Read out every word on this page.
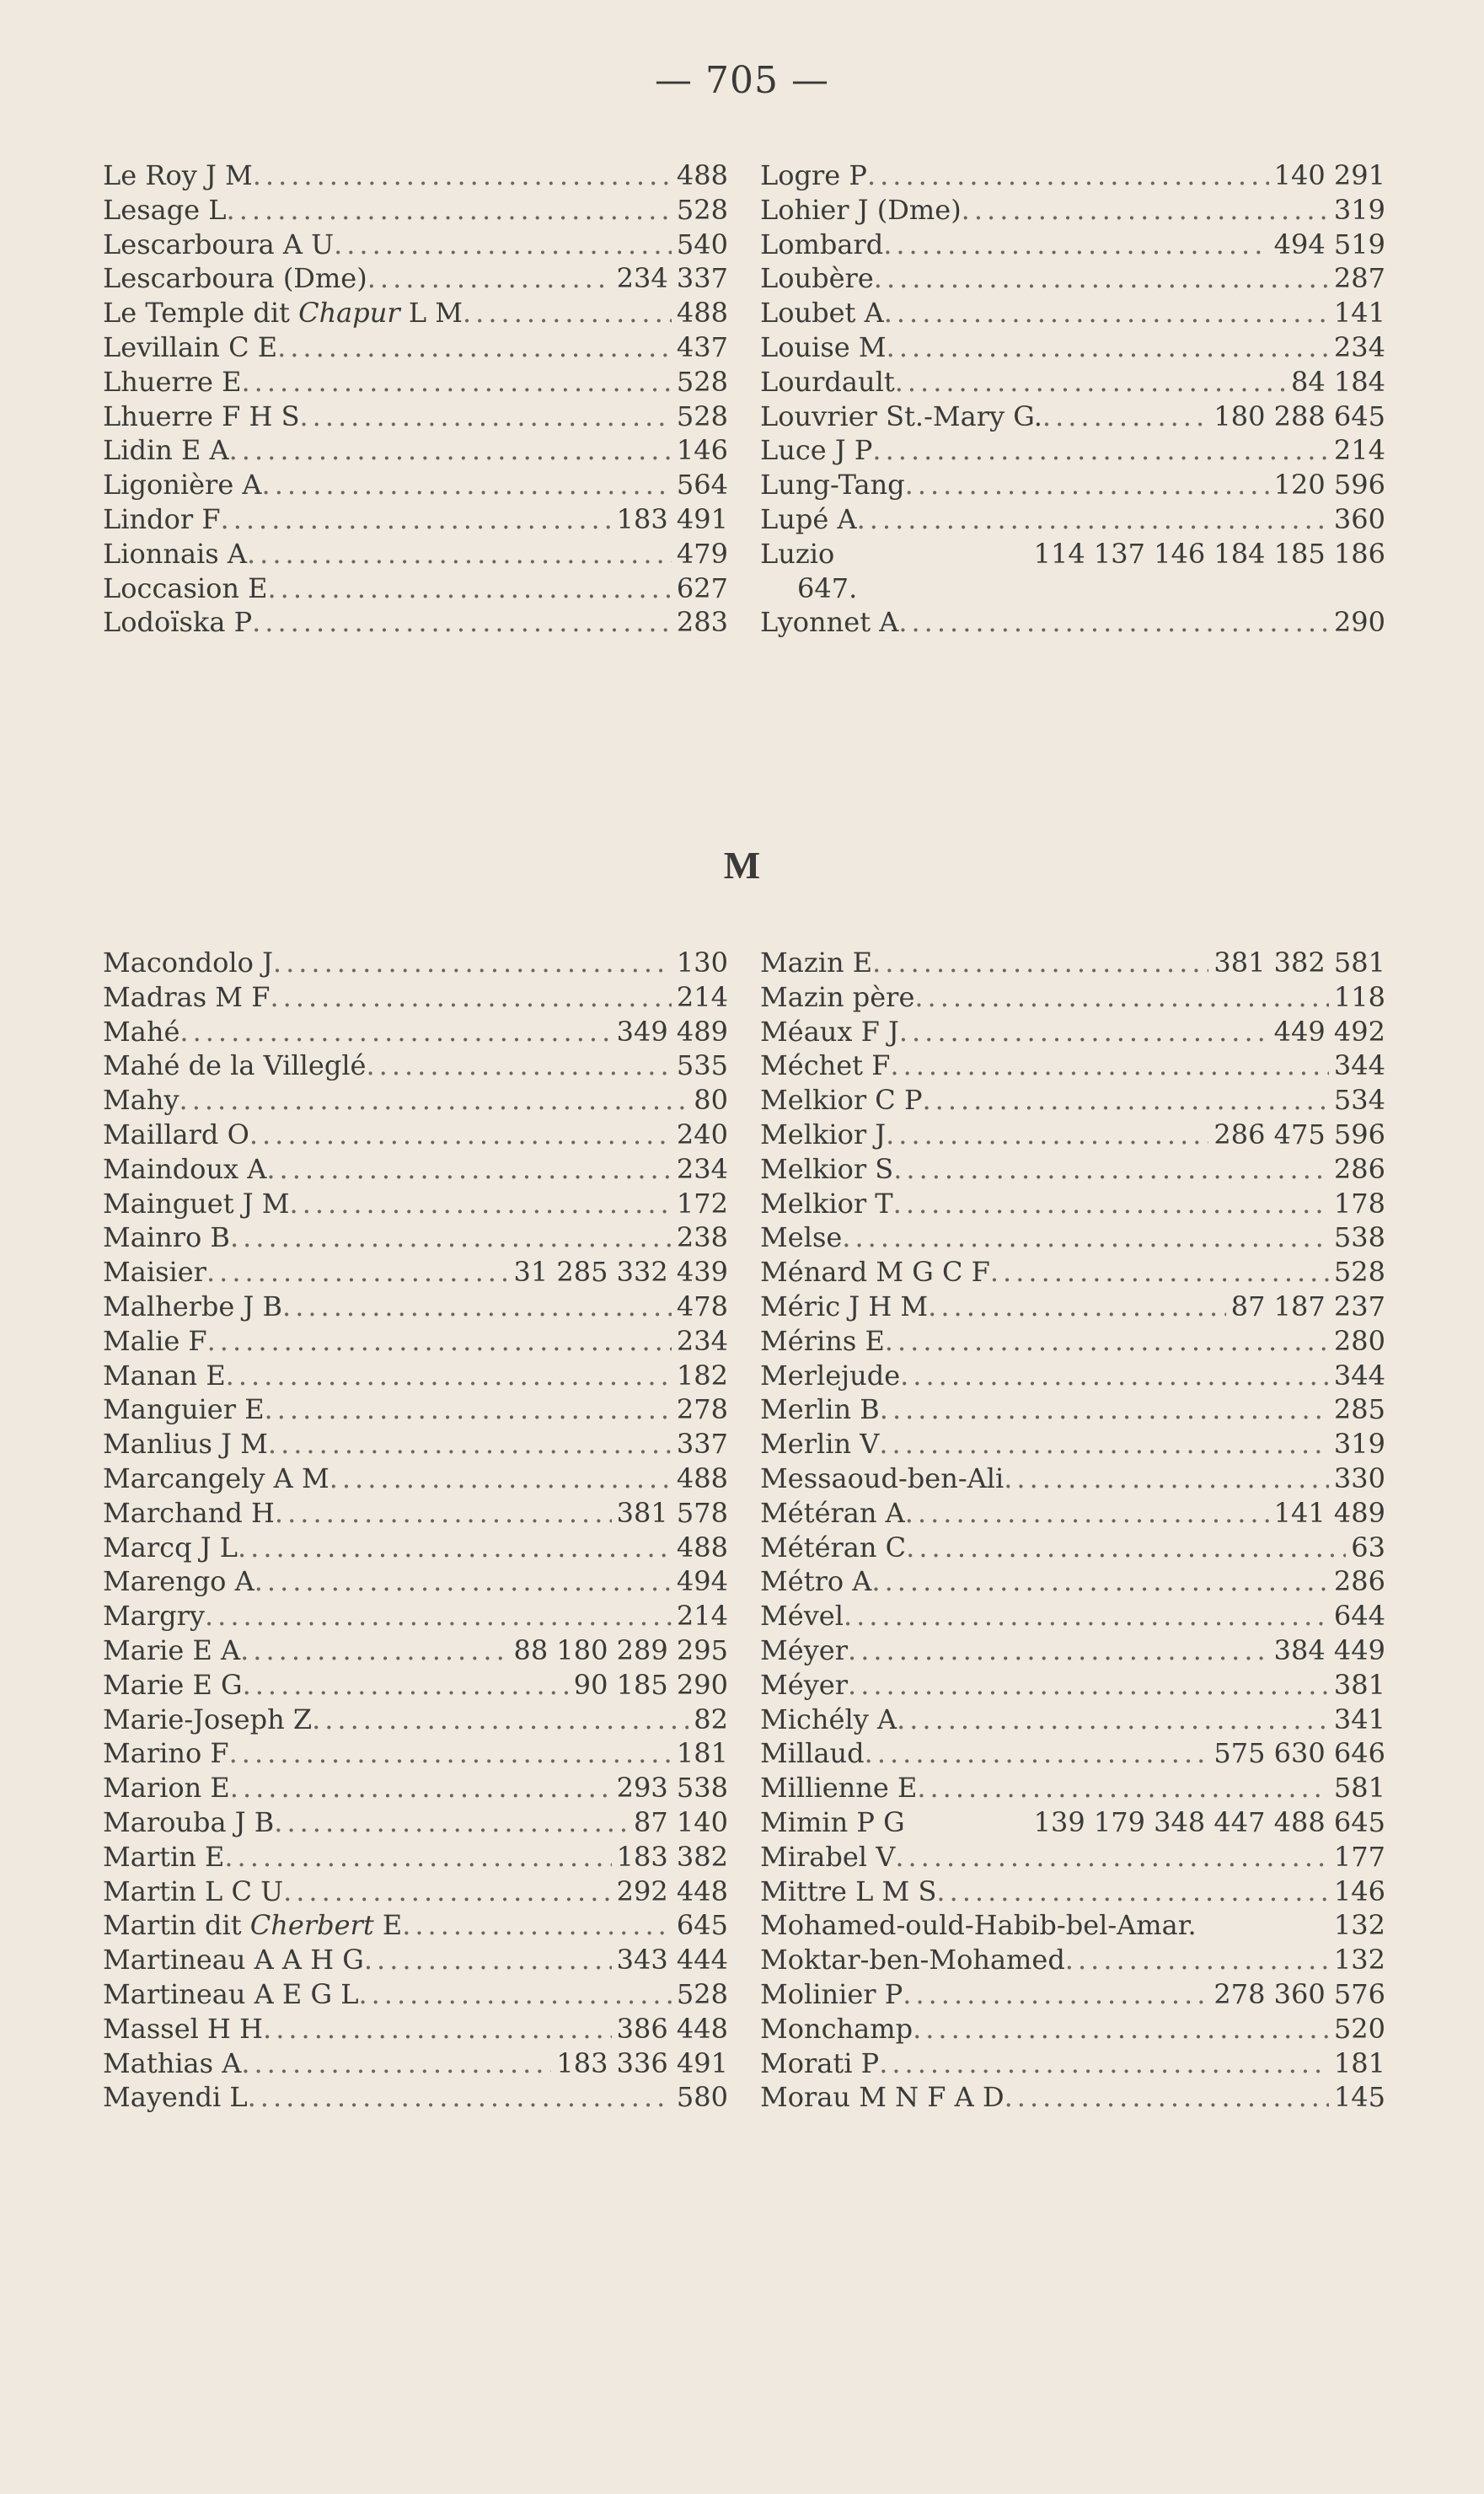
— 705 —
Le Roy J M .....	488
Lesage L .....	528
Lescarboura A U .....	540
Lescarboura (Dme) .....	234 337
Le Temple dit Chapur L M .....	488
Levillain C E .....	437
Lhuerre E .....	528
Lhuerre F H S .....	528
Lidin E A .....	146
Ligonière A .....	564
Lindor F .....	183 491
Lionnais A .....	479
Loccasion E .....	627
Lodoïska P .....	283
Logre P .....	140 291
Lohier J (Dme) .....	319
Lombard .....	494 519
Loubère .....	287
Loubet A .....	141
Louise M .....	234
Lourdault .....	84 184
Louvrier St.-Mary G. .....	180 288 645
Luce J P .....	214
Lung-Tang .....	120 596
Lupé A .....	360
Luzio	114 137 146 184 185 186
647.
Lyonnet A .....	290
M
Macondolo J .....	130
Madras M F .....	214
Mahé .....	349 489
Mahé de la Villeglé .....	535
Mahy .....	80
Maillard O .....	240
Maindoux A .....	234
Mainguet J M .....	172
Mainro B .....	238
Maisier .....	31 285 332 439
Malherbe J B .....	478
Malie F .....	234
Manan E .....	182
Manguier E .....	278
Manlius J M .....	337
Marcangely A M .....	488
Marchand H .....	381 578
Marcq J L .....	488
Marengo A .....	494
Margry .....	214
Marie E A .....	88 180 289 295
Marie E G .....	90 185 290
Marie-Joseph Z .....	82
Marino F .....	181
Marion E .....	293 538
Marouba J B .....	87 140
Martin E .....	183 382
Martin L C U .....	292 448
Martin dit Cherbert E .....	645
Martineau A A H G .....	343 444
Martineau A E G L .....	528
Massel H H .....	386 448
Mathias A .....	183 336 491
Mayendi L .....	580
Mazin E .....	381 382 581
Mazin père .....	118
Méaux F J .....	449 492
Méchet F .....	344
Melkior C P .....	534
Melkior J .....	286 475 596
Melkior S .....	286
Melkior T .....	178
Melse .....	538
Ménard M G C F .....	528
Méric J H M .....	87 187 237
Mérins E .....	280
Merlejude .....	344
Merlin B .....	285
Merlin V .....	319
Messaoud-ben-Ali .....	330
Météran A .....	141 489
Météran C .....	63
Métro A .....	286
Mével .....	644
Méyer .....	384 449
Méyer .....	381
Michély A .....	341
Millaud .....	575 630 646
Millienne E .....	581
Mimin P G	139 179 348 447 488 645
Mirabel V .....	177
Mittre L M S .....	146
Mohamed-ould-Habib-bel-Amar.	132
Moktar-ben-Mohamed .....	132
Molinier P .....	278 360 576
Monchamp .....	520
Morati P .....	181
Morau M N F A D .....	145
